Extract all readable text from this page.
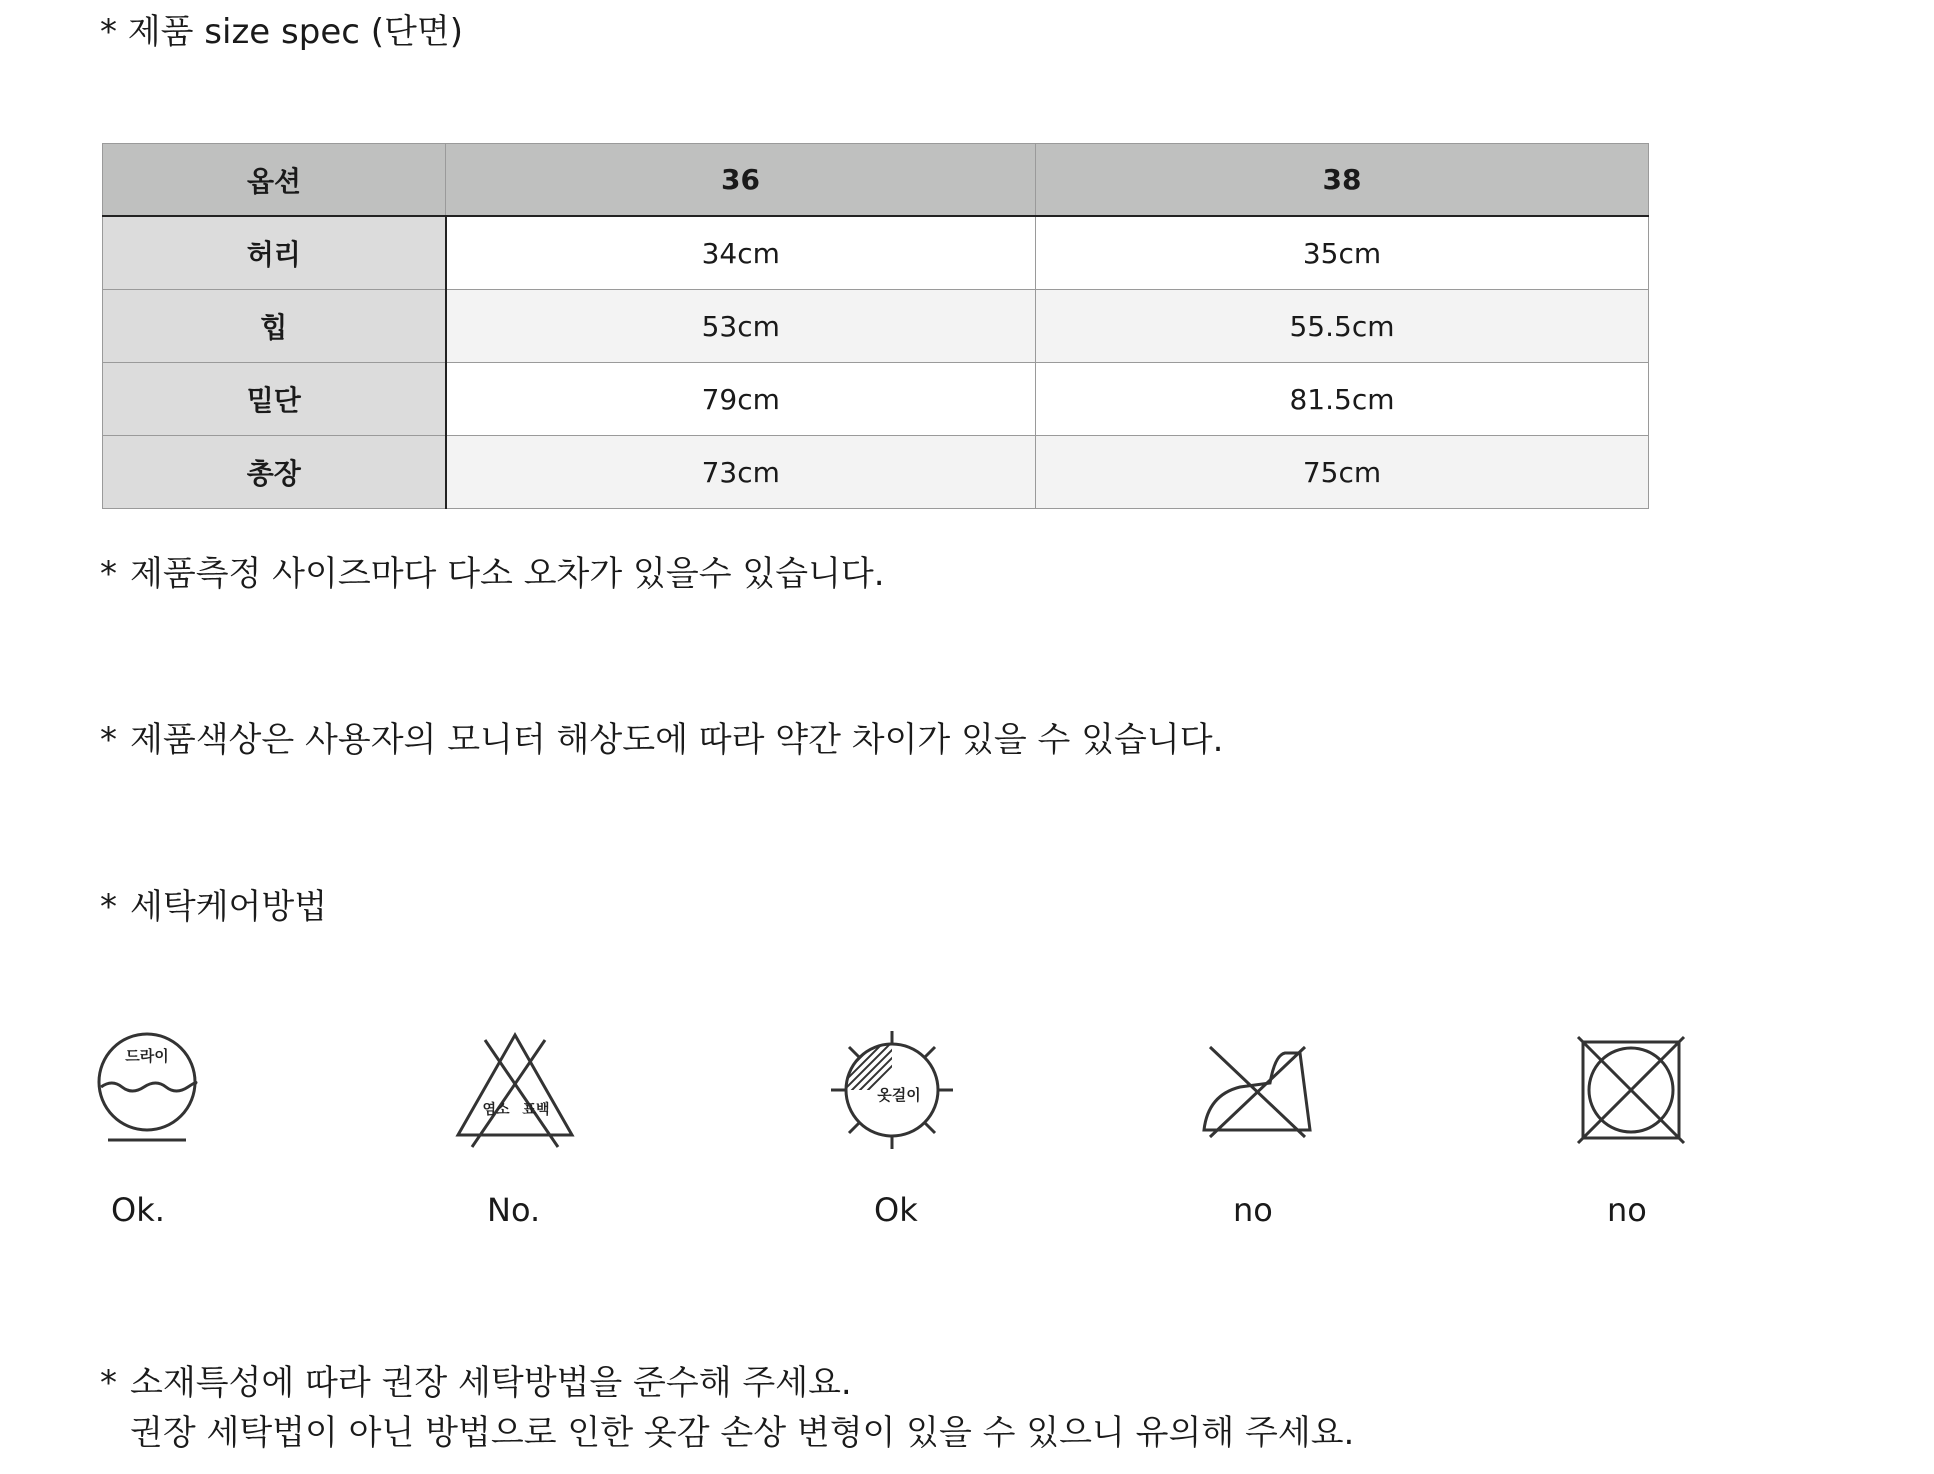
* 제품 size spec (단면)
옵션	36	38
허리	34cm	35cm
힙	53cm	55.5cm
밑단	79cm	81.5cm
총장	73cm	75cm
* 제품측정 사이즈마다 다소 오차가 있을수 있습니다.
* 제품색상은 사용자의 모니터 해상도에 따라 약간 차이가 있을 수 있습니다.
* 세탁케어방법
드라이
Ok.
염소 표백
No.
옷걸이
Ok	no	no
* 소재특성에 따라 권장 세탁방법을 준수해 주세요.
권장 세탁법이 아닌 방법으로 인한 옷감 손상 변형이 있을 수 있으니 유의해 주세요.
